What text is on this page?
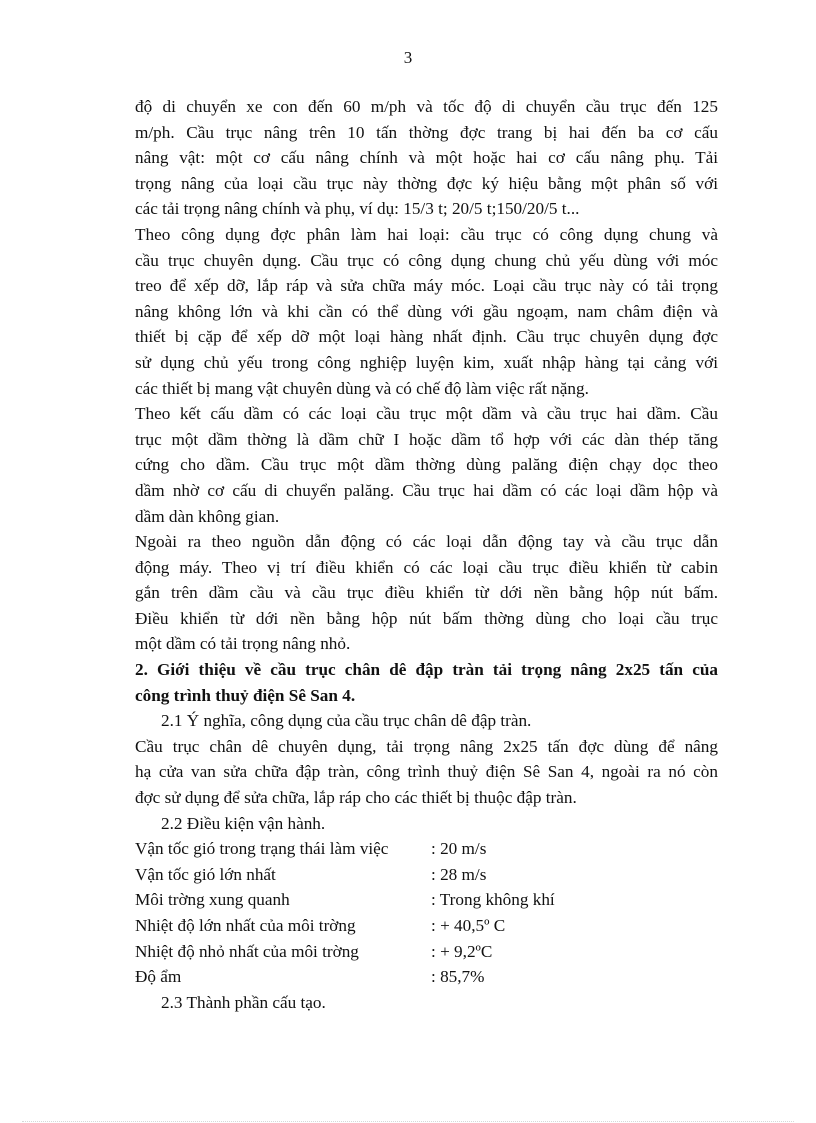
3
độ di chuyển xe con đến 60 m/ph và tốc độ di chuyển cầu trục đến 125
m/ph. Cầu trục nâng trên 10 tấn thờng đợc trang bị hai đến ba cơ cấu
nâng vật: một cơ cấu nâng chính và một hoặc hai cơ cấu nâng phụ. Tải
trọng nâng của loại cầu trục này thờng đợc ký hiệu bằng một phân số với
các tải trọng nâng chính và phụ, ví dụ: 15/3 t; 20/5 t;150/20/5 t...
Theo công dụng đợc phân làm hai loại: cầu trục có công dụng chung và
cầu trục chuyên dụng. Cầu trục có công dụng chung chủ yếu dùng với móc
treo để xếp dỡ, lắp ráp và sửa chữa máy móc. Loại cầu trục này có tải trọng
nâng không lớn và khi cần có thể dùng với gầu ngoạm, nam châm điện và
thiết bị cặp để xếp dỡ một loại hàng nhất định. Cầu trục chuyên dụng đợc
sử dụng chủ yếu trong công nghiệp luyện kim, xuất nhập hàng tại cảng với
các thiết bị mang vật chuyên dùng và có chế độ làm việc rất nặng.
Theo kết cấu dầm có các loại cầu trục một dầm và cầu trục hai dầm. Cầu
trục một dầm thờng là dầm chữ I hoặc dầm tổ hợp với các dàn thép tăng
cứng cho dầm. Cầu trục một dầm thờng dùng palăng điện chạy dọc theo
dầm nhờ cơ cấu di chuyển palăng. Cầu trục hai dầm có các loại dầm hộp và
dầm dàn không gian.
Ngoài ra theo nguồn dẫn động có các loại dẫn động tay và cầu trục dẫn
động máy. Theo vị trí điều khiển có các loại cầu trục điều khiển từ cabin
gắn trên dầm cầu và cầu trục điều khiển từ dới nền bằng hộp nút bấm.
Điều khiển từ dới nền bằng hộp nút bấm thờng dùng cho loại cầu trục
một dầm có tải trọng nâng nhỏ.
2. Giới thiệu về cầu trục chân dê đập tràn tải trọng nâng 2x25 tấn của
công trình thuỷ điện Sê San 4.
2.1 Ý nghĩa, công dụng của cầu trục chân dê đập tràn.
Cầu trục chân dê chuyên dụng, tải trọng nâng 2x25 tấn đợc dùng để nâng
hạ cửa van sửa chữa đập tràn, công trình thuỷ điện Sê San 4, ngoài ra nó còn
đợc sử dụng để sửa chữa, lắp ráp cho các thiết bị thuộc đập tràn.
2.2 Điều kiện vận hành.
Vận tốc gió trong trạng thái làm việc	: 20 m/s
Vận tốc gió lớn nhất	: 28 m/s
Môi trờng xung quanh	: Trong không khí
Nhiệt độ lớn nhất của môi trờng	: + 40,5º C
Nhiệt độ nhỏ nhất của môi trờng	: + 9,2ºC
Độ ẩm	: 85,7%
2.3 Thành phần cấu tạo.
